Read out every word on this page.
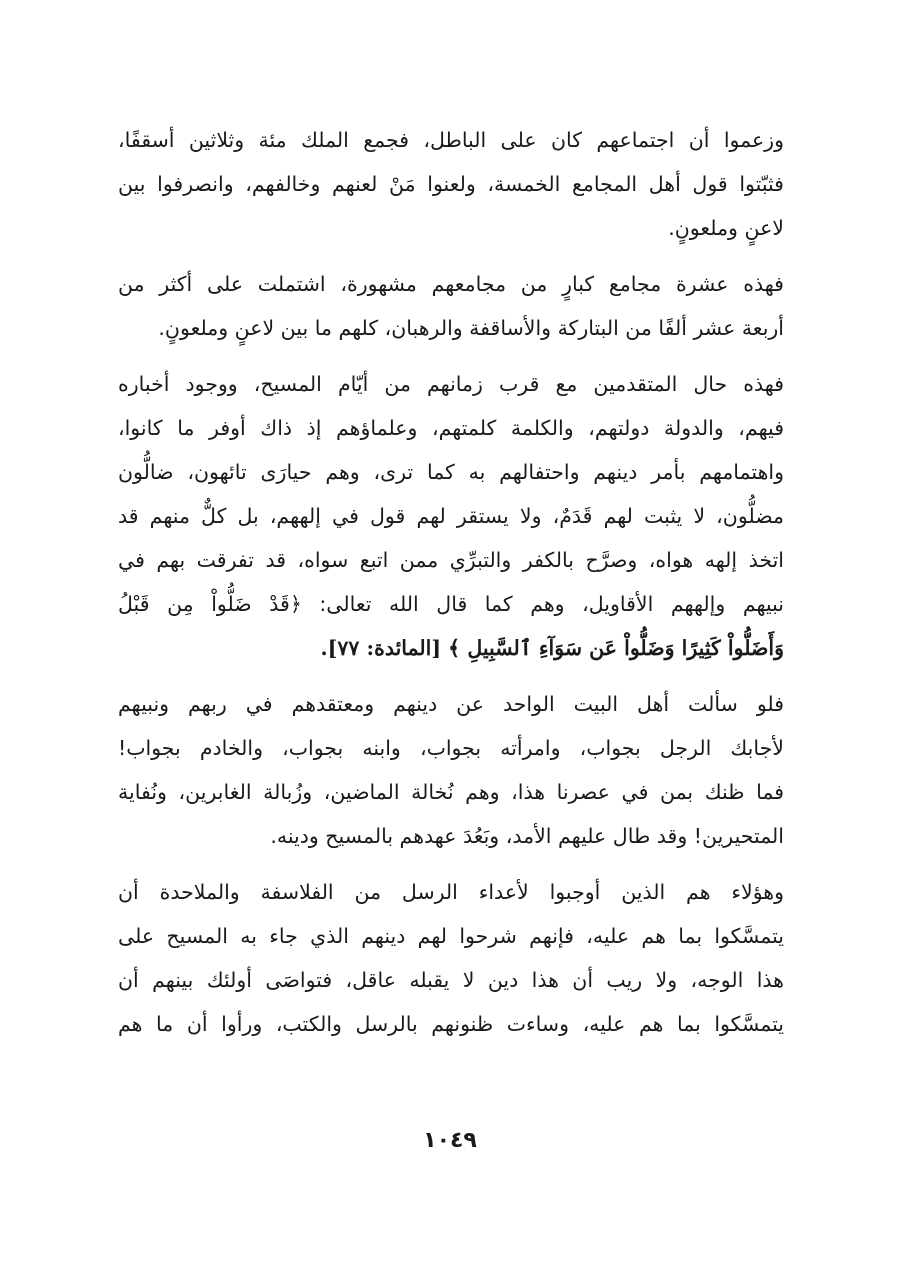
وزعموا أن اجتماعهم كان على الباطل، فجمع الملك مئة وثلاثين أسقفًا،
فثبّتوا قول أهل المجامع الخمسة، ولعنوا مَنْ لعنهم وخالفهم، وانصرفوا بين
لاعنٍ وملعونٍ.
فهذه عشرة مجامع كبارٍ من مجامعهم مشهورة، اشتملت على أكثر من
أربعة عشر ألفًا من البتاركة والأساقفة والرهبان، كلهم ما بين لاعنٍ وملعونٍ.
فهذه حال المتقدمين مع قرب زمانهم من أيّام المسيح، ووجود أخباره
فيهم، والدولة دولتهم، والكلمة كلمتهم، وعلماؤهم إذ ذاك أوفر ما كانوا،
واهتمامهم بأمر دينهم واحتفالهم به كما ترى، وهم حيارَى تائهون، ضالُّون
مضلُّون، لا يثبت لهم قَدَمٌ، ولا يستقر لهم قول في إلههم، بل كلٌّ منهم قد
اتخذ إلهه هواه، وصرَّح بالكفر والتبرِّي ممن اتبع سواه، قد تفرقت بهم في
نبيهم وإلههم الأقاويل، وهم كما قال الله تعالى: ﴿قَدْ ضَلُّواْ مِن قَبْلُ
وَأَضَلُّواْ كَثِيرًا وَضَلُّواْ عَن سَوَآءِ ٱلسَّبِيلِ ﴾ [المائدة: ٧٧].
فلو سألت أهل البيت الواحد عن دينهم ومعتقدهم في ربهم ونبيهم
لأجابك الرجل بجواب، وامرأته بجواب، وابنه بجواب، والخادم بجواب!
فما ظنك بمن في عصرنا هذا، وهم نُخالة الماضين، وزُبالة الغابرين، ونُفاية
المتحيرين! وقد طال عليهم الأمد، وبَعُدَ عهدهم بالمسيح ودينه.
وهؤلاء هم الذين أوجبوا لأعداء الرسل من الفلاسفة والملاحدة أن
يتمسَّكوا بما هم عليه، فإنهم شرحوا لهم دينهم الذي جاء به المسيح على
هذا الوجه، ولا ريب أن هذا دين لا يقبله عاقل، فتواصَى أولئك بينهم أن
يتمسَّكوا بما هم عليه، وساءت ظنونهم بالرسل والكتب، ورأوا أن ما هم
١٠٤٩
